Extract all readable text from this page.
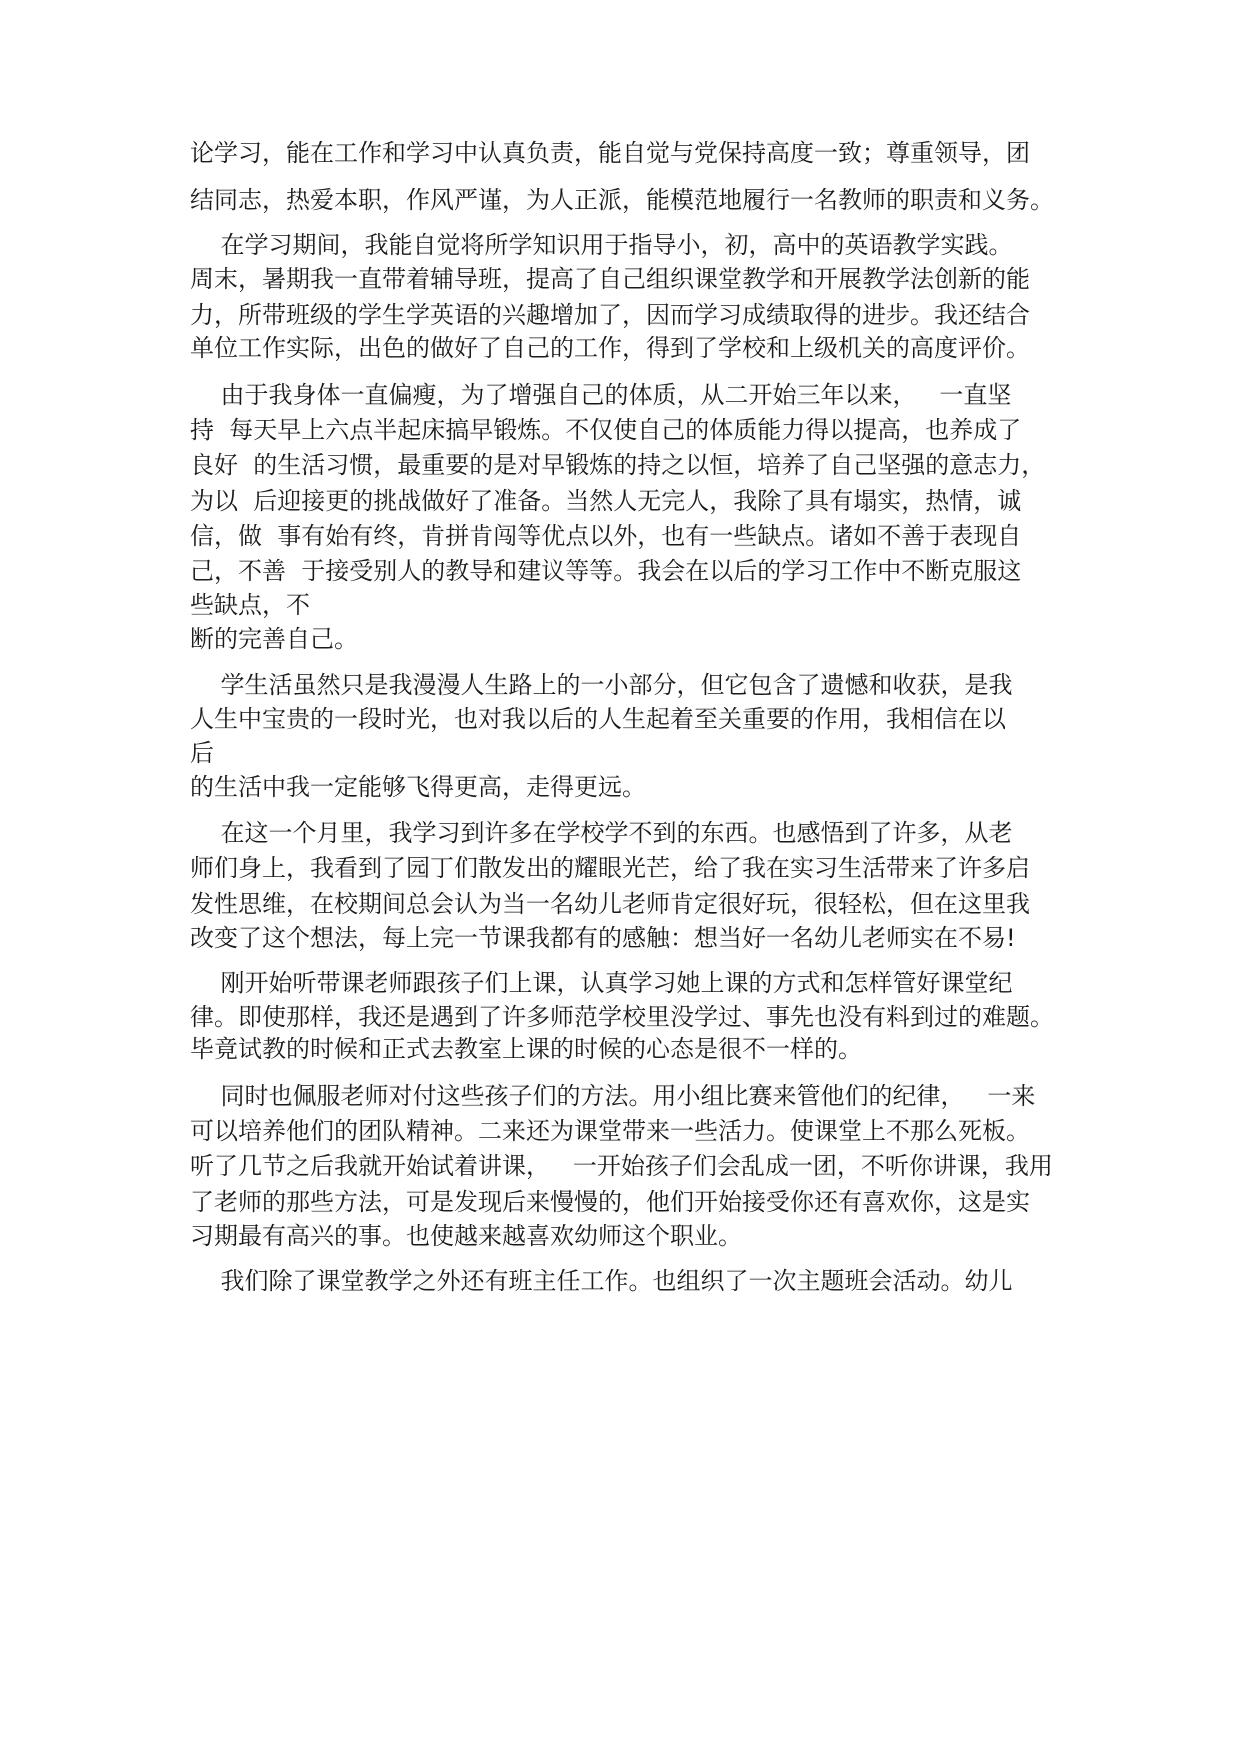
论学习，能在工作和学习中认真负责，能自觉与党保持高度一致；尊重领导，团

结同志，热爱本职，作风严谨，为人正派，能模范地履行一名教师的职责和义务。

在学习期间，我能自觉将所学知识用于指导小，初，高中的英语教学实践。

周末，暑期我一直带着辅导班，提高了自己组织课堂教学和开展教学法创新的能

力，所带班级的学生学英语的兴趣增加了，因而学习成绩取得的进步。我还结合

单位工作实际，出色的做好了自己的工作，得到了学校和上级机关的高度评价。

由于我身体一直偏瘦，为了增强自己的体质，从二开始三年以来，   一直坚

持  每天早上六点半起床搞早锻炼。不仅使自己的体质能力得以提高，也养成了

良好  的生活习惯，最重要的是对早锻炼的持之以恒，培养了自己坚强的意志力，

为以  后迎接更的挑战做好了准备。当然人无完人，我除了具有塌实，热情，诚

信，做  事有始有终，肯拼肯闯等优点以外，也有一些缺点。诸如不善于表现自

己，不善  于接受别人的教导和建议等等。我会在以后的学习工作中不断克服这

些缺点，不

断的完善自己。

学生活虽然只是我漫漫人生路上的一小部分，但它包含了遗憾和收获，是我

人生中宝贵的一段时光，也对我以后的人生起着至关重要的作用，我相信在以

后

的生活中我一定能够飞得更高，走得更远。

在这一个月里，我学习到许多在学校学不到的东西。也感悟到了许多，从老

师们身上，我看到了园丁们散发出的耀眼光芒，给了我在实习生活带来了许多启

发性思维，在校期间总会认为当一名幼儿老师肯定很好玩，很轻松，但在这里我

改变了这个想法，每上完一节课我都有的感触：想当好一名幼儿老师实在不易!

刚开始听带课老师跟孩子们上课，认真学习她上课的方式和怎样管好课堂纪

律。即使那样，我还是遇到了许多师范学校里没学过、事先也没有料到过的难题。

毕竟试教的时候和正式去教室上课的时候的心态是很不一样的。

同时也佩服老师对付这些孩子们的方法。用小组比赛来管他们的纪律，   一来

可以培养他们的团队精神。二来还为课堂带来一些活力。使课堂上不那么死板。

听了几节之后我就开始试着讲课，   一开始孩子们会乱成一团，不听你讲课，我用

了老师的那些方法，可是发现后来慢慢的，他们开始接受你还有喜欢你，这是实

习期最有高兴的事。也使越来越喜欢幼师这个职业。

我们除了课堂教学之外还有班主任工作。也组织了一次主题班会活动。幼儿
